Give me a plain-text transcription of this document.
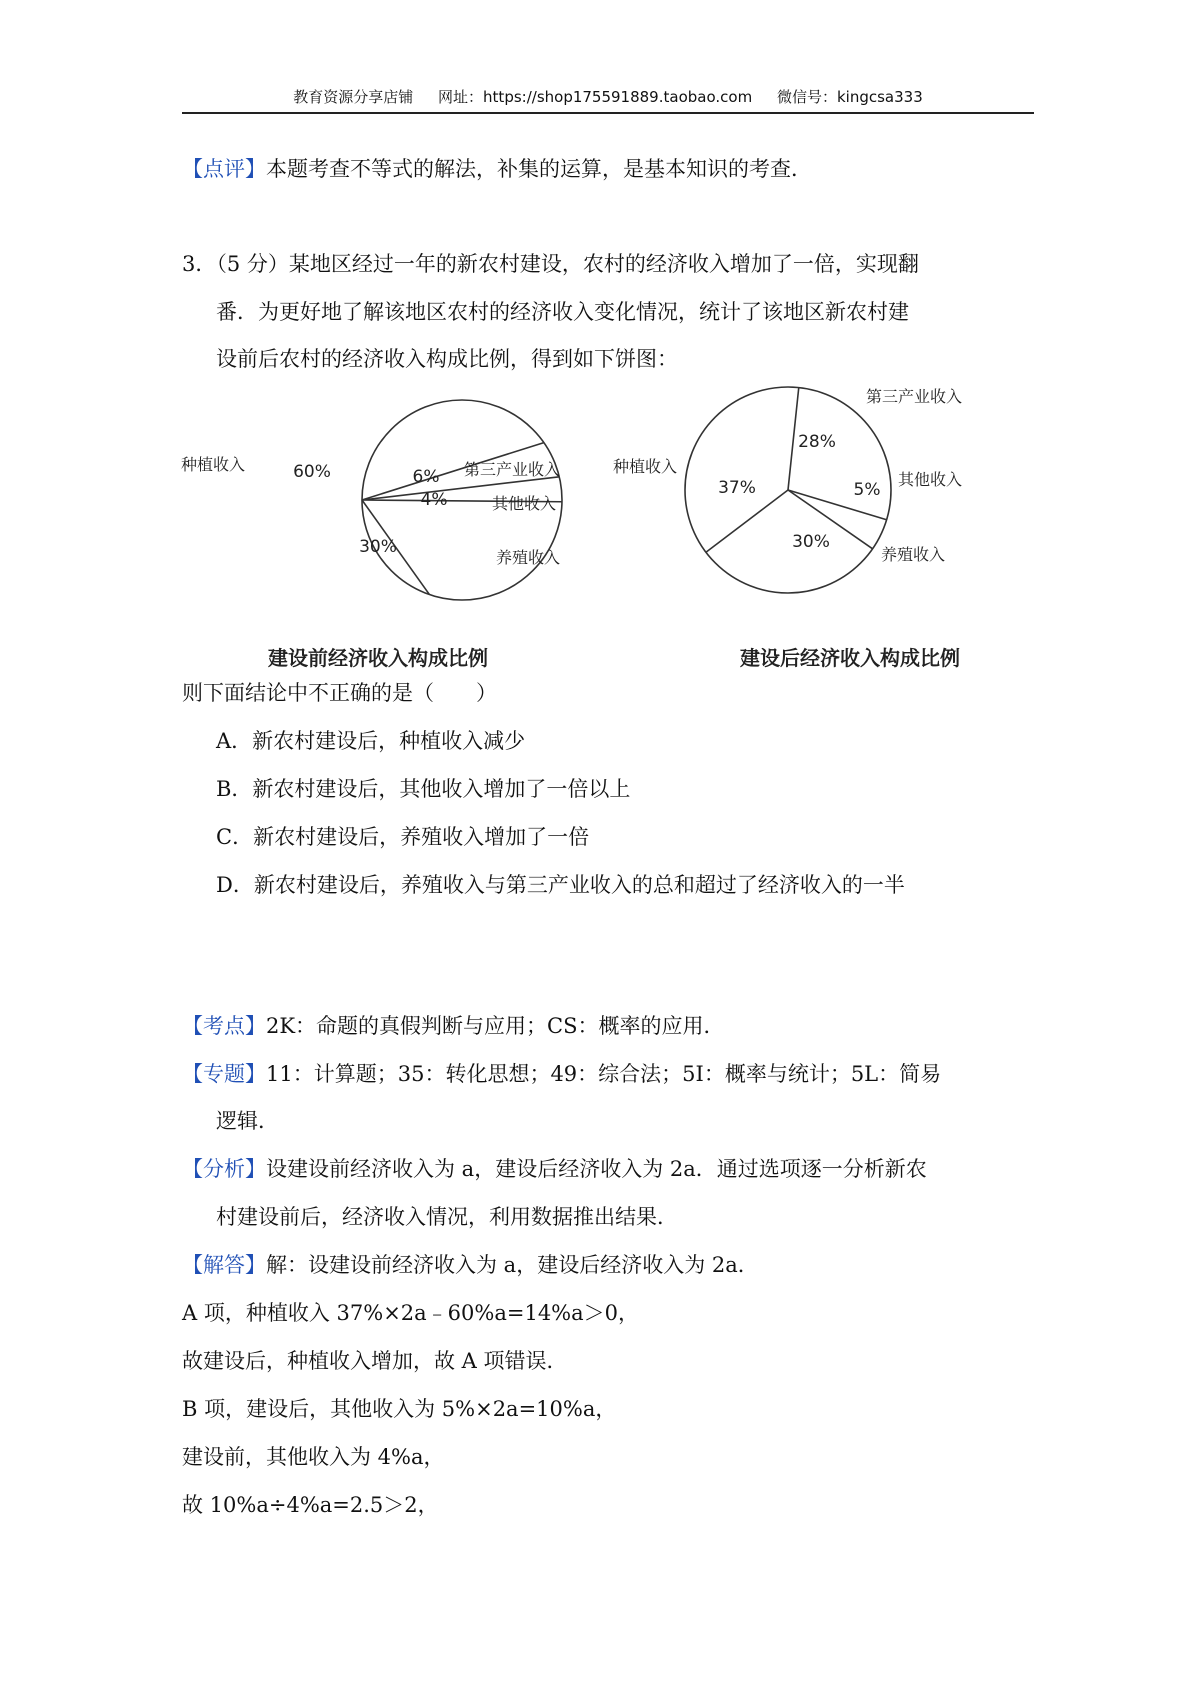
教育资源分享店铺 网址：https://shop175591889.taobao.com 微信号：kingcsa333
【点评】本题考查不等式的解法，补集的运算，是基本知识的考查．
3．（5 分）某地区经过一年的新农村建设，农村的经济收入增加了一倍，实现翻
番．为更好地了解该地区农村的经济收入变化情况，统计了该地区新农村建
设前后农村的经济收入构成比例，得到如下饼图：
60%	6%
4%
30%
种植收入	第三产业收入
其他收入
养殖收入
37%
28%
5%
30%
种植收入
第三产业收入
其他收入
养殖收入
建设前经济收入构成比例	建设后经济收入构成比例
则下面结论中不正确的是（　　）
A．新农村建设后，种植收入减少
B．新农村建设后，其他收入增加了一倍以上
C．新农村建设后，养殖收入增加了一倍
D．新农村建设后，养殖收入与第三产业收入的总和超过了经济收入的一半
【考点】2K：命题的真假判断与应用；CS：概率的应用．
【专题】11：计算题；35：转化思想；49：综合法；5I：概率与统计；5L：简易
逻辑．
【分析】设建设前经济收入为 a，建设后经济收入为 2a．通过选项逐一分析新农
村建设前后，经济收入情况，利用数据推出结果．
【解答】解：设建设前经济收入为 a，建设后经济收入为 2a．
A 项，种植收入 37%×2a﹣60%a=14%a＞0，
故建设后，种植收入增加，故 A 项错误．
B 项，建设后，其他收入为 5%×2a=10%a，
建设前，其他收入为 4%a，
故 10%a÷4%a=2.5＞2，
